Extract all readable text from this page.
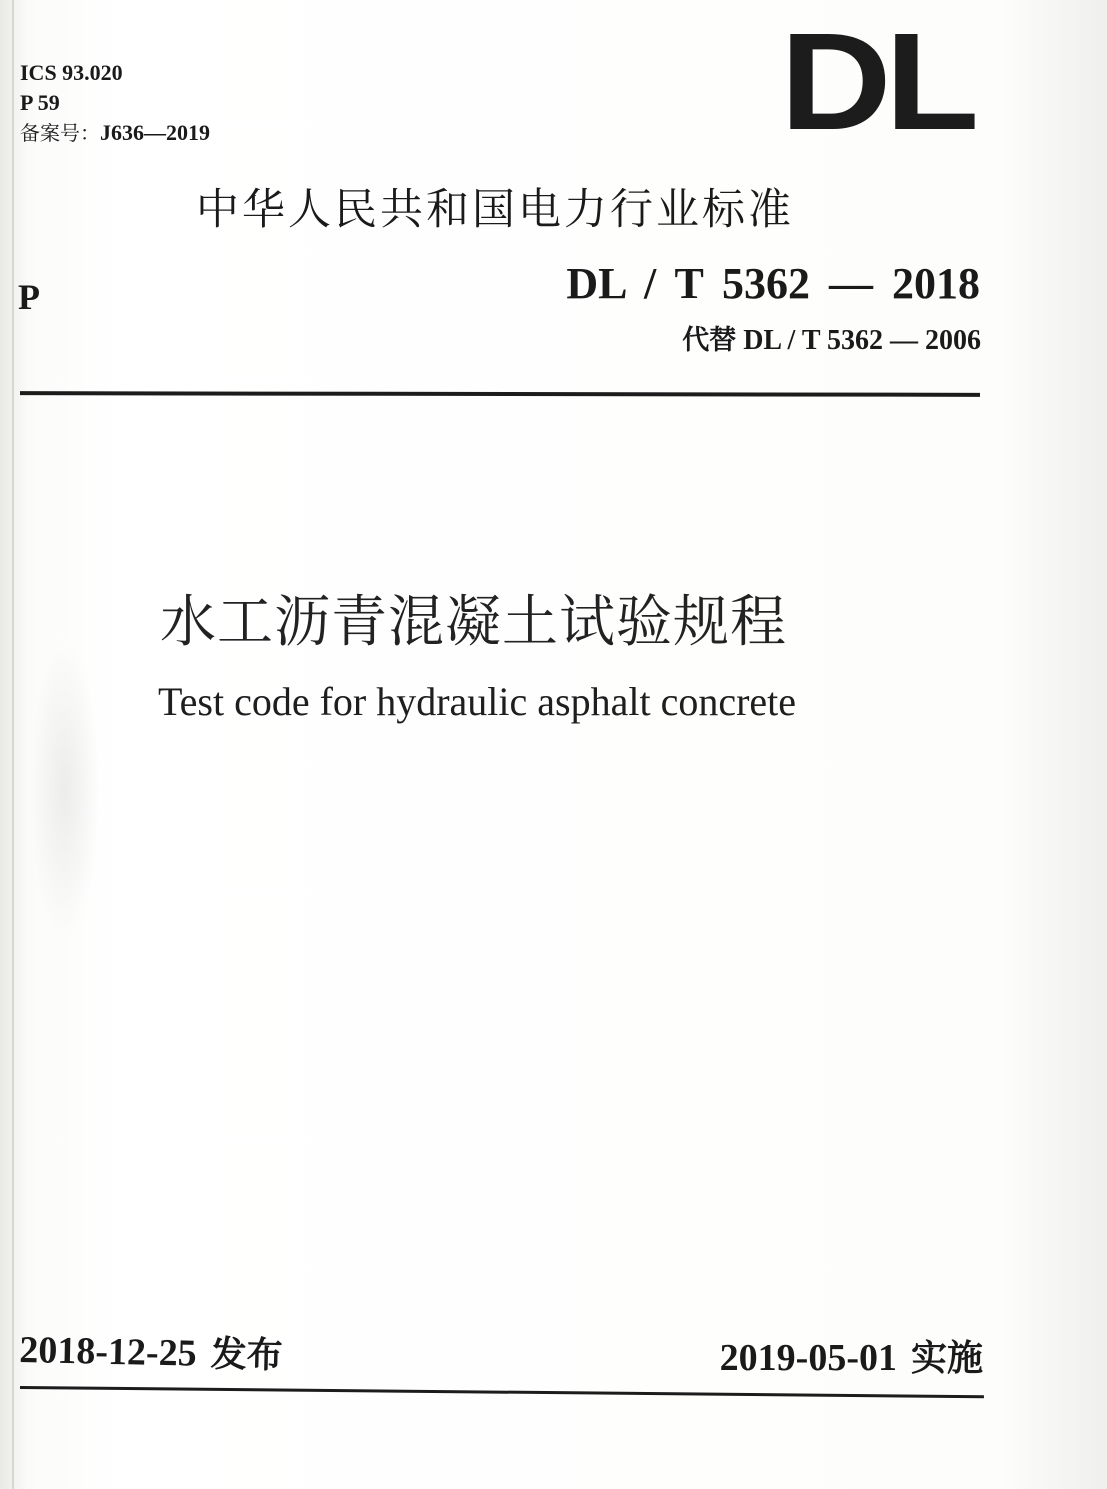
ICS 93.020
P 59
备案号：J636—2019	DL
中华人民共和国电力行业标准
P	DL / T 5362 — 2018
代替 DL / T 5362 — 2006
水工沥青混凝土试验规程
Test code for hydraulic asphalt concrete
2018-12-25 发布	2019-05-01 实施
